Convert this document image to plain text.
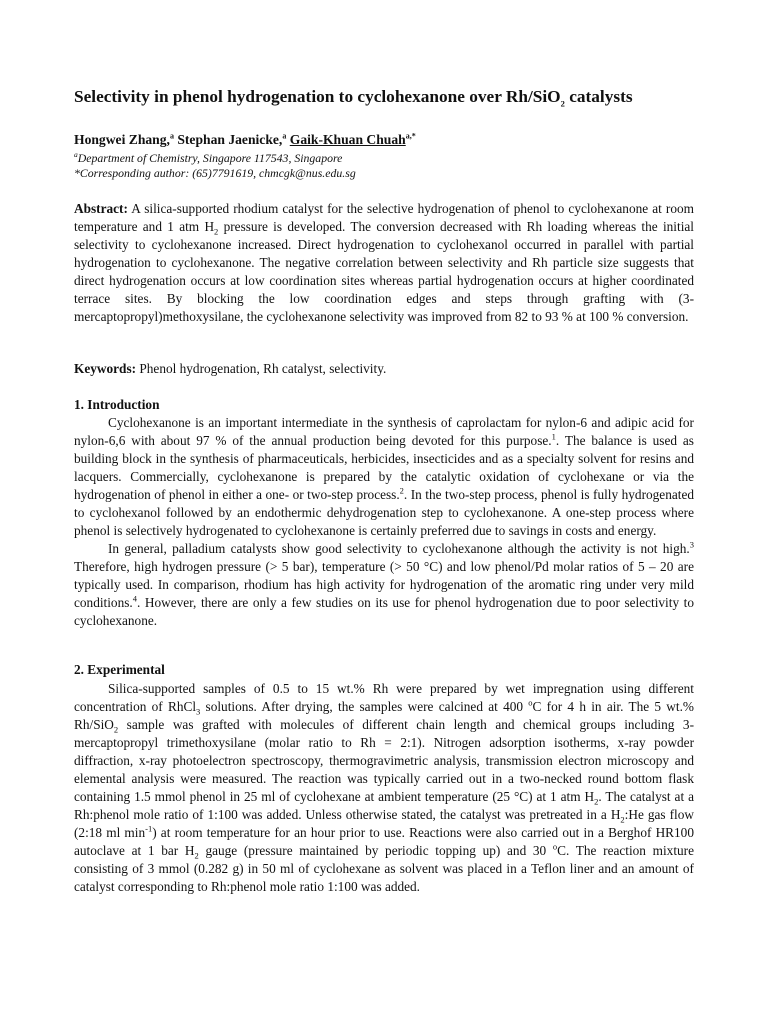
Selectivity in phenol hydrogenation to cyclohexanone over Rh/SiO$_2$ catalysts
Hongwei Zhang,$^a$ Stephan Jaenicke,$^a$ Gaik-Khuan Chuah$^{a,*}$
$^a$Department of Chemistry, Singapore 117543, Singapore
*Corresponding author: (65)7791619, chmcgk@nus.edu.sg

Abstract: A silica-supported rhodium catalyst for the selective hydrogenation of phenol to cyclohexanone at room temperature and 1 atm $H_2$ pressure is developed. The conversion decreased with Rh loading whereas the initial selectivity to cyclohexanone increased. Direct hydrogenation to cyclohexanol occurred in parallel with partial hydrogenation to cyclohexanone. The negative correlation between selectivity and Rh particle size suggests that direct hydrogenation occurs at low coordination sites whereas partial hydrogenation occurs at higher coordinated terrace sites. By blocking the low coordination edges and steps through grafting with (3-mercaptopropyl)methoxysilane, the cyclohexanone selectivity was improved from 82 to 93 % at 100 % conversion.

Keywords: Phenol hydrogenation, Rh catalyst, selectivity.

1. Introduction

Cyclohexanone is an important intermediate in the synthesis of caprolactam for nylon-6 and adipic acid for nylon-6,6 with about 97 % of the annual production being devoted for this purpose.$^1$. The balance is used as building block in the synthesis of pharmaceuticals, herbicides, insecticides and as a specialty solvent for resins and lacquers. Commercially, cyclohexanone is prepared by the catalytic oxidation of cyclohexane or via the hydrogenation of phenol in either a one- or two-step process.$^2$. In the two-step process, phenol is fully hydrogenated to cyclohexanol followed by an endothermic dehydrogenation step to cyclohexanone. A one-step process where phenol is selectively hydrogenated to cyclohexanone is certainly preferred due to savings in costs and energy.

In general, palladium catalysts show good selectivity to cyclohexanone although the activity is not high.$^3$ Therefore, high hydrogen pressure (> 5 bar), temperature (> 50 °C) and low phenol/Pd molar ratios of 5 – 20 are typically used. In comparison, rhodium has high activity for hydrogenation of the aromatic ring under very mild conditions.$^4$. However, there are only a few studies on its use for phenol hydrogenation due to poor selectivity to cyclohexanone.

2. Experimental

Silica-supported samples of 0.5 to 15 wt.% Rh were prepared by wet impregnation using different concentration of RhCl$_3$ solutions. After drying, the samples were calcined at 400 $^o$C for 4 h in air. The 5 wt.% Rh/SiO$_2$ sample was grafted with molecules of different chain length and chemical groups including 3-mercaptopropyl trimethoxysilane (molar ratio to Rh = 2:1). Nitrogen adsorption isotherms, x-ray powder diffraction, x-ray photoelectron spectroscopy, thermogravimetric analysis, transmission electron microscopy and elemental analysis were measured. The reaction was typically carried out in a two-necked round bottom flask containing 1.5 mmol phenol in 25 ml of cyclohexane at ambient temperature (25 °C) at 1 atm $H_2$. The catalyst at a Rh:phenol mole ratio of 1:100 was added. Unless otherwise stated, the catalyst was pretreated in a $H_2:He$ gas flow (2:18 ml $\min^{-1}$) at room temperature for an hour prior to use. Reactions were also carried out in a Berghof HR100 autoclave at 1 bar $H_2$ gauge (pressure maintained by periodic topping up) and 30 $^o$C. The reaction mixture consisting of 3 mmol (0.282 g) in 50 ml of cyclohexane as solvent was placed in a Teflon liner and an amount of catalyst corresponding to Rh:phenol mole ratio 1:100 was added.
